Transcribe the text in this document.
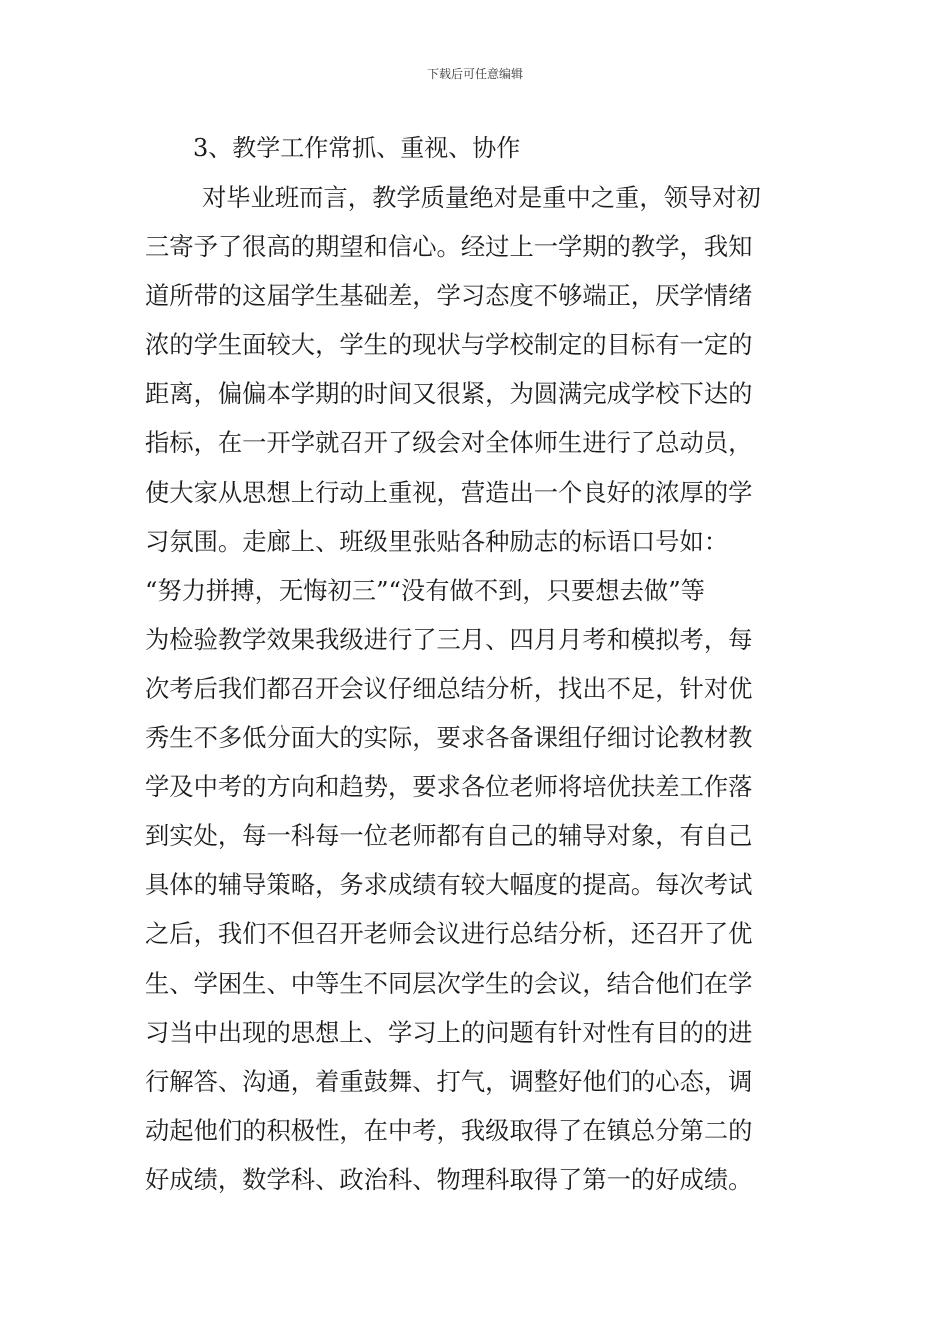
下载后可任意编辑
3、教学工作常抓、重视、协作
对毕业班而言，教学质量绝对是重中之重，领导对初
三寄予了很高的期望和信心。经过上一学期的教学，我知
道所带的这届学生基础差，学习态度不够端正，厌学情绪
浓的学生面较大，学生的现状与学校制定的目标有一定的
距离，偏偏本学期的时间又很紧，为圆满完成学校下达的
指标，在一开学就召开了级会对全体师生进行了总动员，
使大家从思想上行动上重视，营造出一个良好的浓厚的学
习氛围。走廊上、班级里张贴各种励志的标语口号如：
“努力拼搏，无悔初三”“没有做不到，只要想去做”等
为检验教学效果我级进行了三月、四月月考和模拟考，每
次考后我们都召开会议仔细总结分析，找出不足，针对优
秀生不多低分面大的实际，要求各备课组仔细讨论教材教
学及中考的方向和趋势，要求各位老师将培优扶差工作落
到实处，每一科每一位老师都有自己的辅导对象，有自己
具体的辅导策略，务求成绩有较大幅度的提高。每次考试
之后，我们不但召开老师会议进行总结分析，还召开了优
生、学困生、中等生不同层次学生的会议，结合他们在学
习当中出现的思想上、学习上的问题有针对性有目的的进
行解答、沟通，着重鼓舞、打气，调整好他们的心态，调
动起他们的积极性，在中考，我级取得了在镇总分第二的
好成绩，数学科、政治科、物理科取得了第一的好成绩。
